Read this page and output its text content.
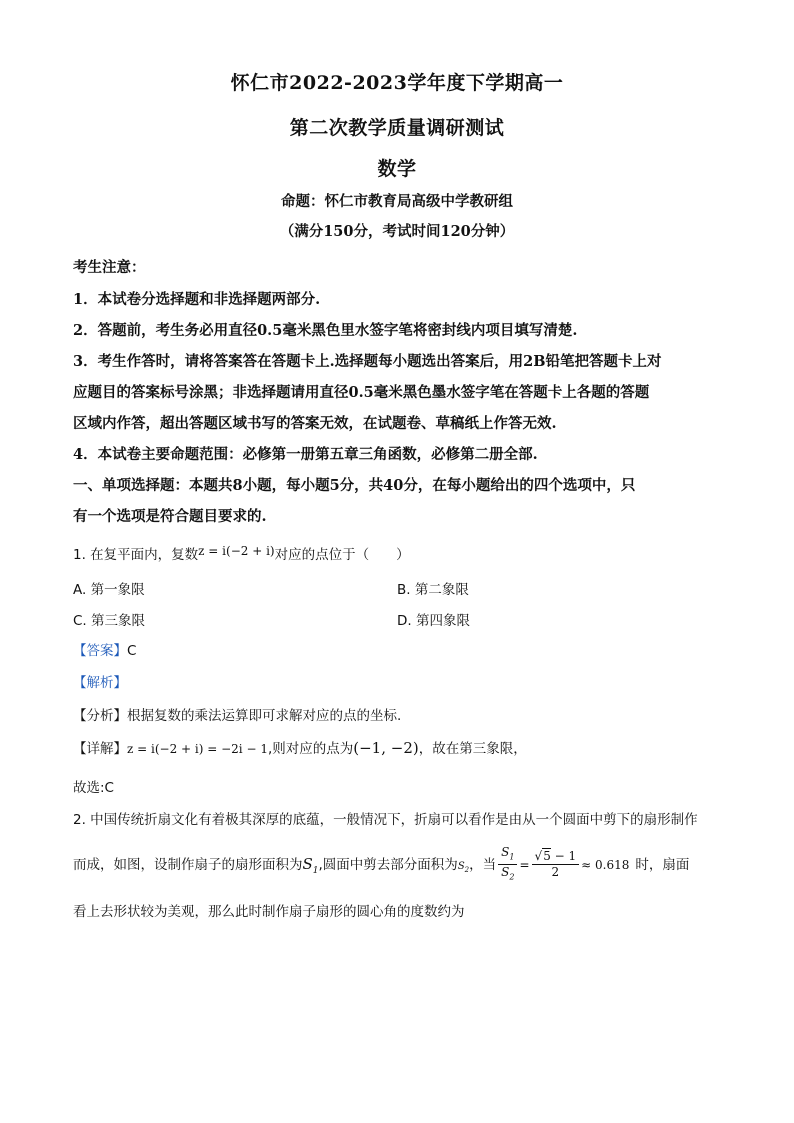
怀仁市2022-2023学年度下学期高一
第二次教学质量调研测试
数学
命题：怀仁市教育局高级中学教研组
（满分150分，考试时间120分钟）
考生注意：
1．本试卷分选择题和非选择题两部分.
2．答题前，考生务必用直径0.5毫米黑色里水签字笔将密封线内项目填写清楚.
3．考生作答时，请将答案答在答题卡上.选择题每小题选出答案后，用2B铅笔把答题卡上对
应题目的答案标号涂黑；非选择题请用直径0.5毫米黑色墨水签字笔在答题卡上各题的答题
区域内作答，超出答题区域书写的答案无效，在试题卷、草稿纸上作答无效.
4．本试卷主要命题范围：必修第一册第五章三角函数，必修第二册全部.
一、单项选择题：本题共8小题，每小题5分，共40分，在每小题给出的四个选项中，只
有一个选项是符合题目要求的.
1. 在复平面内，复数z = i(−2 + i)对应的点位于（　　）
A. 第一象限	B. 第二象限
C. 第三象限	D. 第四象限
【答案】C
【解析】
【分析】根据复数的乘法运算即可求解对应的点的坐标.
【详解】z = i(−2 + i) = −2i − 1,则对应的点为(−1, −2)，故在第三象限，
故选:C
2. 中国传统折扇文化有着极其深厚的底蕴，一般情况下，折扇可以看作是由从一个圆面中剪下的扇形制作
而成，如图，设制作扇子的扇形面积为$S_1$,圆面中剪去部分面积为$S_2$，当 $\frac{S_1}{S_2} = \frac{√5 - 1}{2} \approx 0.618$ 时，扇面
看上去形状较为美观，那么此时制作扇子扇形的圆心角的度数约为
